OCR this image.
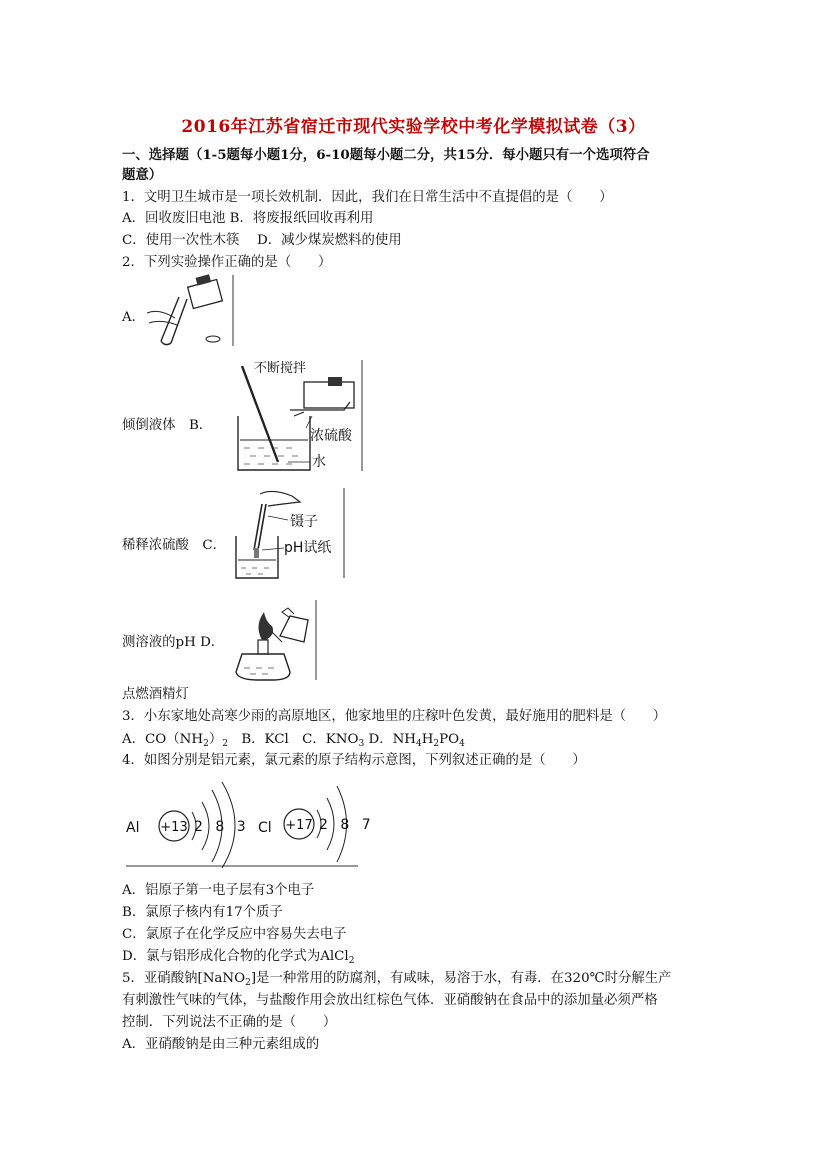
2016年江苏省宿迁市现代实验学校中考化学模拟试卷（3）
一、选择题（1-5题每小题1分，6-10题每小题二分，共15分．每小题只有一个选项符合
题意）
1．文明卫生城市是一项长效机制．因此，我们在日常生活中不直提倡的是（　　）
A．回收废旧电池 B．将废报纸回收再利用
C．使用一次性木筷　 D．减少煤炭燃料的使用
2．下列实验操作正确的是（　　）
A．
倾倒液体　B．
不断搅拌
浓硫酸
水
稀释浓硫酸　C．
镊子
pH试纸
测溶液的pH D．
点燃酒精灯
3．小东家地处高寒少雨的高原地区，他家地里的庄稼叶色发黄，最好施用的肥料是（　　）
A．$CO(NH_2)_2$　B．KCl　C．$KNO_3$ D．$NH_4H_2PO_4$
4．如图分别是铝元素，氯元素的原子结构示意图，下列叙述正确的是（　　）
Al +13 2 8 3 Cl +17 2 8 7
A．铝原子第一电子层有3个电子
B．氯原子核内有17个质子
C．氯原子在化学反应中容易失去电子
D．氯与铝形成化合物的化学式为AlCl$_2$
5．亚硝酸钠[NaNO$_2$]是一种常用的防腐剂，有咸味，易溶于水，有毒．在320℃时分解生产
有刺激性气味的气体，与盐酸作用会放出红棕色气体．亚硝酸钠在食品中的添加量必须严格
控制．下列说法不正确的是（　　）
A．亚硝酸钠是由三种元素组成的
